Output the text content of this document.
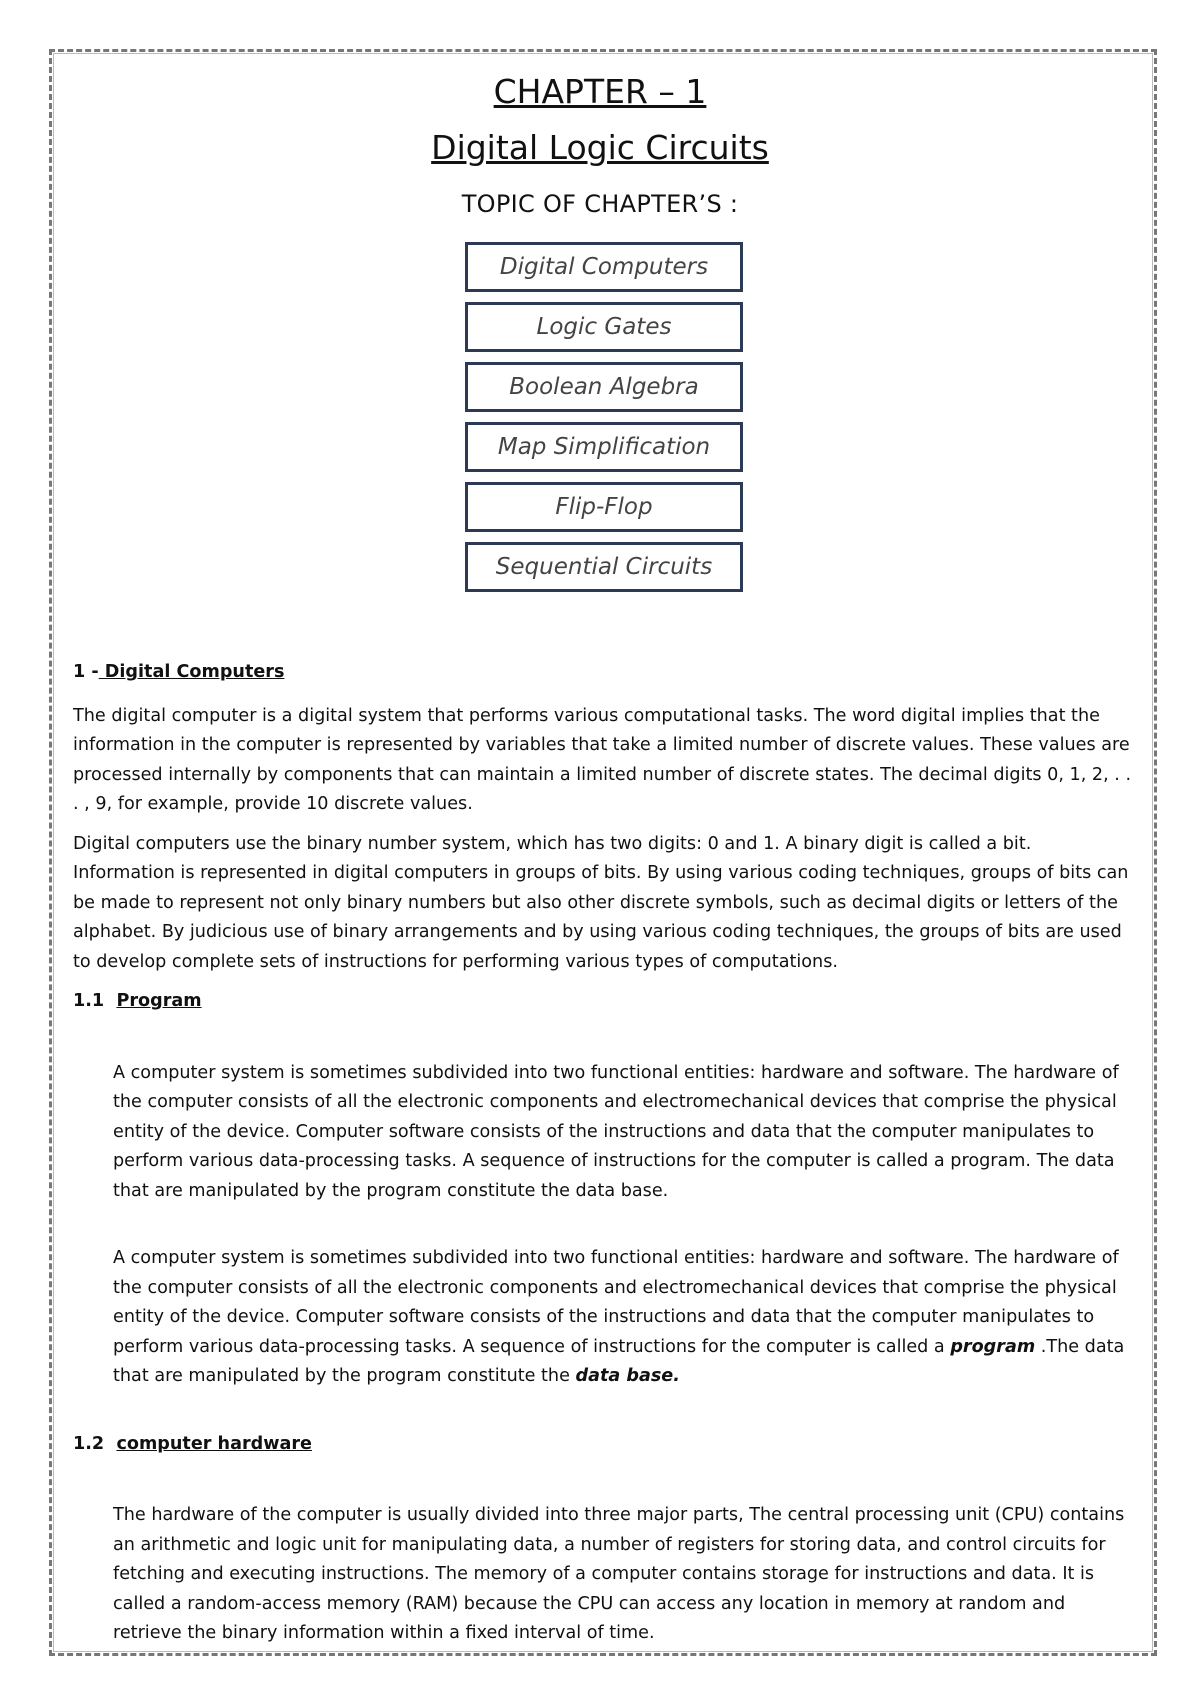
CHAPTER – 1
Digital Logic Circuits
TOPIC OF CHAPTER’S :
Digital Computers
Logic Gates
Boolean Algebra
Map Simplification
Flip-Flop
Sequential Circuits
1 - Digital Computers

The digital computer is a digital system that performs various computational tasks. The word digital implies that the information in the computer is represented by variables that take a limited number of discrete values. These values are processed internally by components that can maintain a limited number of discrete states. The decimal digits 0, 1, 2, . . . , 9, for example, provide 10 discrete values.

Digital computers use the binary number system, which has two digits: 0 and 1. A binary digit is called a bit. Information is represented in digital computers in groups of bits. By using various coding techniques, groups of bits can be made to represent not only binary numbers but also other discrete symbols, such as decimal digits or letters of the alphabet. By judicious use of binary arrangements and by using various coding techniques, the groups of bits are used to develop complete sets of instructions for performing various types of computations.

1.1 Program

A computer system is sometimes subdivided into two functional entities: hardware and software. The hardware of the computer consists of all the electronic components and electromechanical devices that comprise the physical entity of the device. Computer software consists of the instructions and data that the computer manipulates to perform various data-processing tasks. A sequence of instructions for the computer is called a program. The data that are manipulated by the program constitute the data base.

A computer system is sometimes subdivided into two functional entities: hardware and software. The hardware of the computer consists of all the electronic components and electromechanical devices that comprise the physical entity of the device. Computer software consists of the instructions and data that the computer manipulates to perform various data-processing tasks. A sequence of instructions for the computer is called a program .The data that are manipulated by the program constitute the data base.

1.2 computer hardware

The hardware of the computer is usually divided into three major parts, The central processing unit (CPU) contains an arithmetic and logic unit for manipulating data, a number of registers for storing data, and control circuits for fetching and executing instructions. The memory of a computer contains storage for instructions and data. It is called a random-access memory (RAM) because the CPU can access any location in memory at random and retrieve the binary information within a fixed interval of time.
